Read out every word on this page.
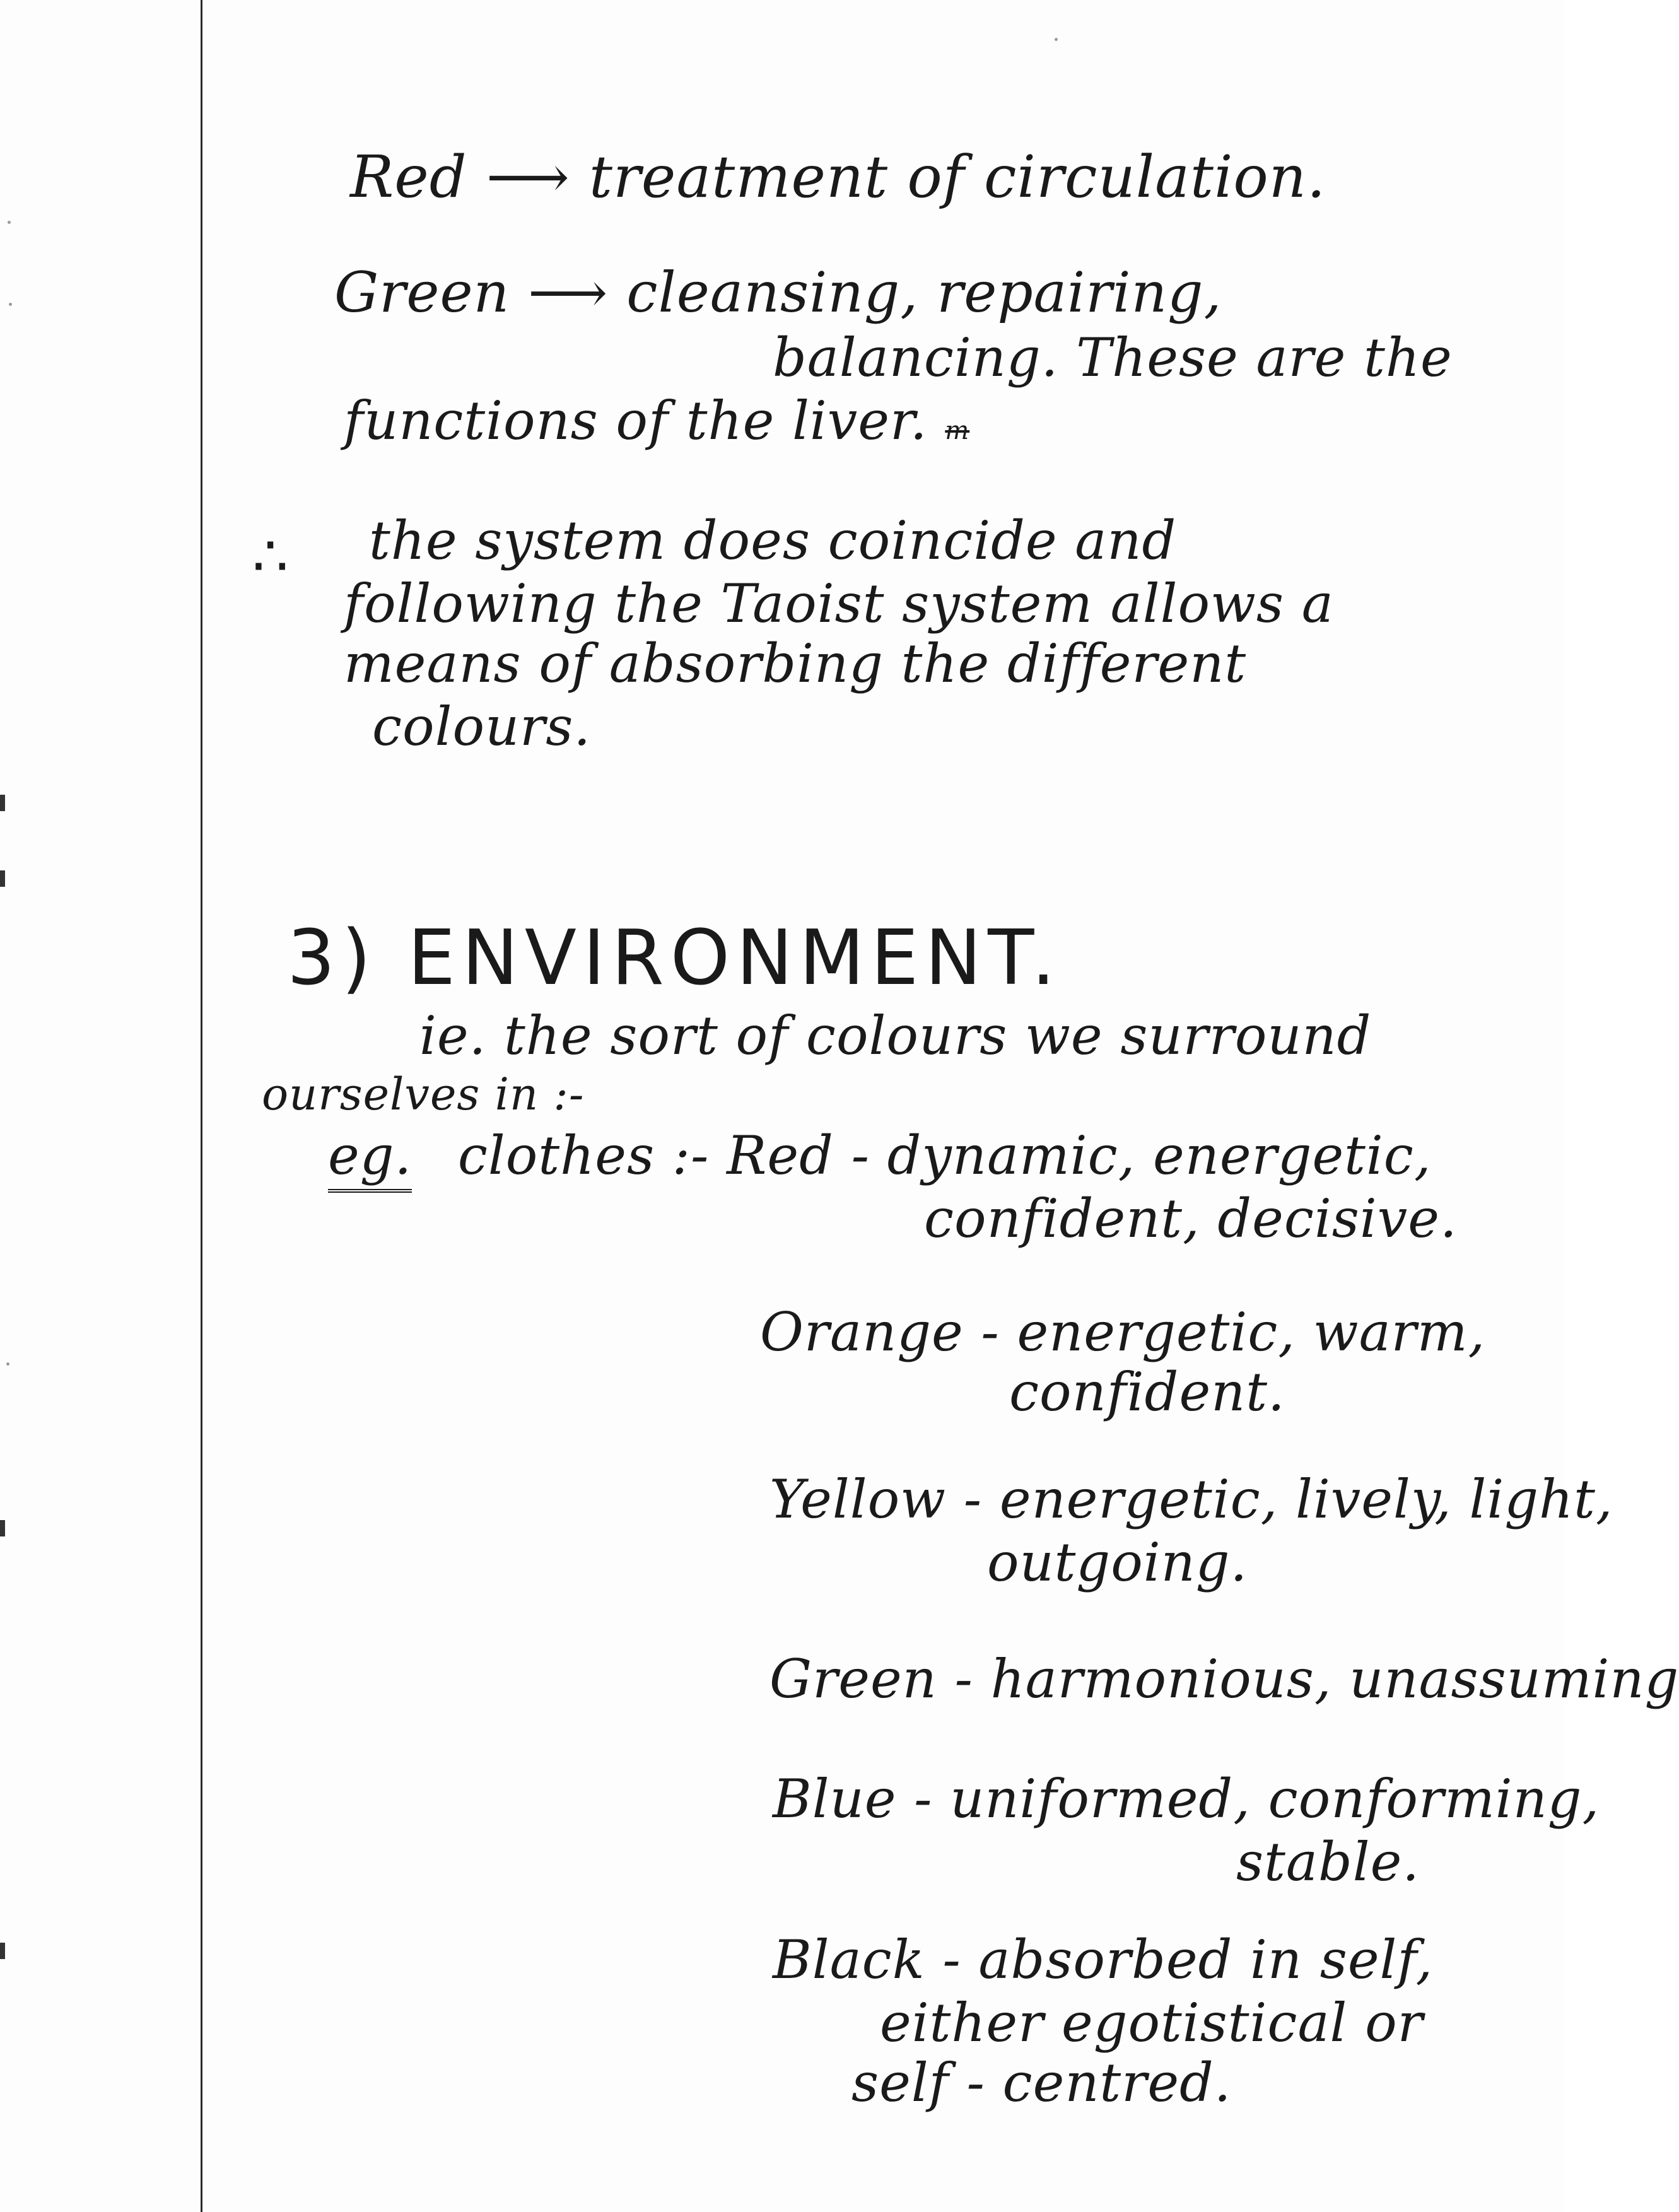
Red ⟶ treatment of circulation.
Green ⟶ cleansing, repairing,
balancing. These are the
functions of the liver. m
∴ the system does coincide and
following the Taoist system allows a
means of absorbing the different
colours.
3) ENVIRONMENT.
ie. the sort of colours we surround
ourselves in :-
eg. clothes :- Red - dynamic, energetic,
confident, decisive.
Orange - energetic, warm,
confident.
Yellow - energetic, lively, light,
outgoing.
Green - harmonious, unassuming
Blue - uniformed, conforming,
stable.
Black - absorbed in self,
either egotistical or
self - centred.
